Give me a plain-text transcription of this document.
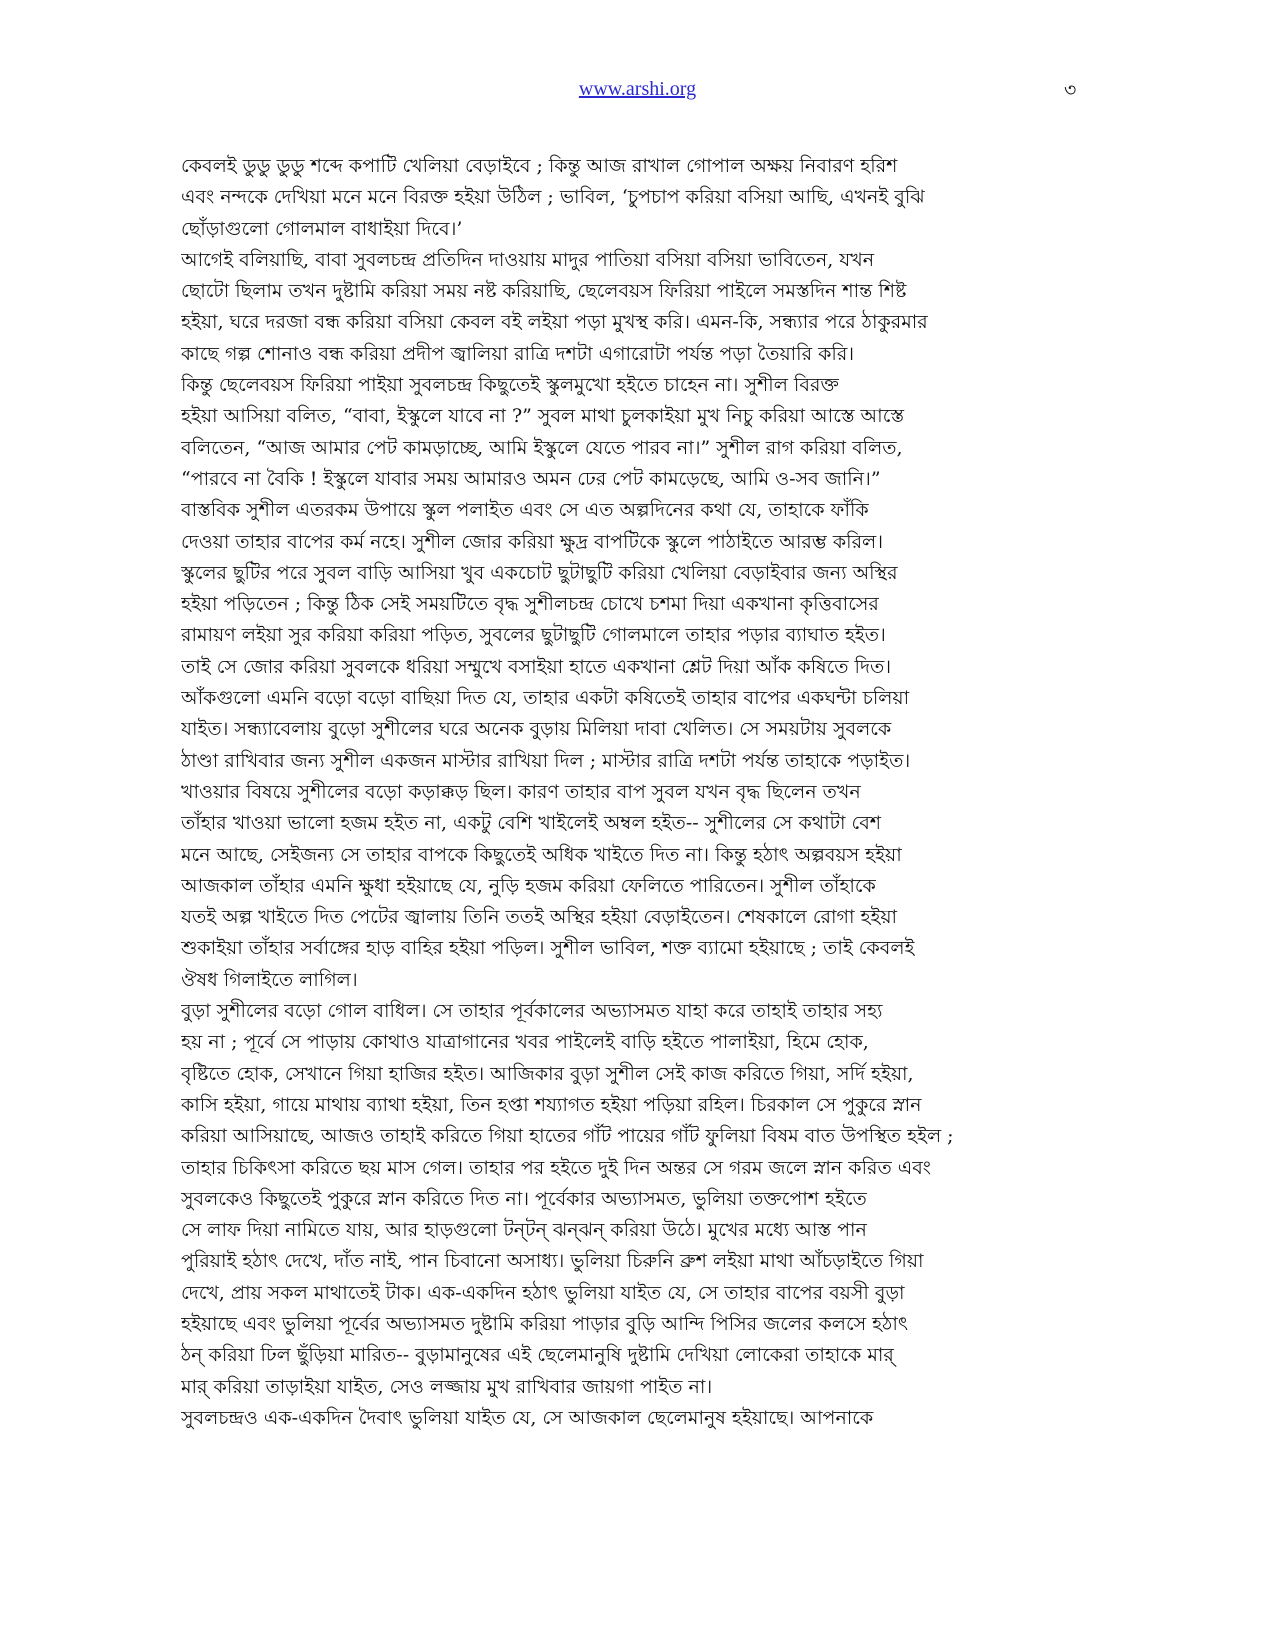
www.arshi.org	৩
কেবলই ডুডু ডুডু শব্দে কপাটি খেলিয়া বেড়াইবে ; কিন্তু আজ রাখাল গোপাল অক্ষয় নিবারণ হরিশ
এবং নন্দকে দেখিয়া মনে মনে বিরক্ত হইয়া উঠিল ; ভাবিল, ‘চুপচাপ করিয়া বসিয়া আছি, এখনই বুঝি
ছোঁড়াগুলো গোলমাল বাধাইয়া দিবে।’
আগেই বলিয়াছি, বাবা সুবলচন্দ্র প্রতিদিন দাওয়ায় মাদুর পাতিয়া বসিয়া বসিয়া ভাবিতেন, যখন
ছোটো ছিলাম তখন দুষ্টামি করিয়া সময় নষ্ট করিয়াছি, ছেলেবয়স ফিরিয়া পাইলে সমস্তদিন শান্ত শিষ্ট
হইয়া, ঘরে দরজা বন্ধ করিয়া বসিয়া কেবল বই লইয়া পড়া মুখস্থ করি। এমন-কি, সন্ধ্যার পরে ঠাকুরমার
কাছে গল্প শোনাও বন্ধ করিয়া প্রদীপ জ্বালিয়া রাত্রি দশটা এগারোটা পর্যন্ত পড়া তৈয়ারি করি।
কিন্তু ছেলেবয়স ফিরিয়া পাইয়া সুবলচন্দ্র কিছুতেই স্কুলমুখো হইতে চাহেন না। সুশীল বিরক্ত
হইয়া আসিয়া বলিত, “বাবা, ইস্কুলে যাবে না ?” সুবল মাথা চুলকাইয়া মুখ নিচু করিয়া আস্তে আস্তে
বলিতেন, “আজ আমার পেট কামড়াচ্ছে, আমি ইস্কুলে যেতে পারব না।” সুশীল রাগ করিয়া বলিত,
“পারবে না বৈকি ! ইস্কুলে যাবার সময় আমারও অমন ঢের পেট কামড়েছে, আমি ও-সব জানি।”
বাস্তবিক সুশীল এতরকম উপায়ে স্কুল পলাইত এবং সে এত অল্পদিনের কথা যে, তাহাকে ফাঁকি
দেওয়া তাহার বাপের কর্ম নহে। সুশীল জোর করিয়া ক্ষুদ্র বাপটিকে স্কুলে পাঠাইতে আরম্ভ করিল।
স্কুলের ছুটির পরে সুবল বাড়ি আসিয়া খুব একচোট ছুটাছুটি করিয়া খেলিয়া বেড়াইবার জন্য অস্থির
হইয়া পড়িতেন ; কিন্তু ঠিক সেই সময়টিতে বৃদ্ধ সুশীলচন্দ্র চোখে চশমা দিয়া একখানা কৃত্তিবাসের
রামায়ণ লইয়া সুর করিয়া করিয়া পড়িত, সুবলের ছুটাছুটি গোলমালে তাহার পড়ার ব্যাঘাত হইত।
তাই সে জোর করিয়া সুবলকে ধরিয়া সম্মুখে বসাইয়া হাতে একখানা শ্লেট দিয়া আঁক কষিতে দিত।
আঁকগুলো এমনি বড়ো বড়ো বাছিয়া দিত যে, তাহার একটা কষিতেই তাহার বাপের একঘন্টা চলিয়া
যাইত। সন্ধ্যাবেলায় বুড়ো সুশীলের ঘরে অনেক বুড়ায় মিলিয়া দাবা খেলিত। সে সময়টায় সুবলকে
ঠাণ্ডা রাখিবার জন্য সুশীল একজন মাস্টার রাখিয়া দিল ; মাস্টার রাত্রি দশটা পর্যন্ত তাহাকে পড়াইত।
খাওয়ার বিষয়ে সুশীলের বড়ো কড়াক্কড় ছিল। কারণ তাহার বাপ সুবল যখন বৃদ্ধ ছিলেন তখন
তাঁহার খাওয়া ভালো হজম হইত না, একটু বেশি খাইলেই অম্বল হইত-- সুশীলের সে কথাটা বেশ
মনে আছে, সেইজন্য সে তাহার বাপকে কিছুতেই অধিক খাইতে দিত না। কিন্তু হঠাৎ অল্পবয়স হইয়া
আজকাল তাঁহার এমনি ক্ষুধা হইয়াছে যে, নুড়ি হজম করিয়া ফেলিতে পারিতেন। সুশীল তাঁহাকে
যতই অল্প খাইতে দিত পেটের জ্বালায় তিনি ততই অস্থির হইয়া বেড়াইতেন। শেষকালে রোগা হইয়া
শুকাইয়া তাঁহার সর্বাঙ্গের হাড় বাহির হইয়া পড়িল। সুশীল ভাবিল, শক্ত ব্যামো হইয়াছে ; তাই কেবলই
ঔষধ গিলাইতে লাগিল।
বুড়া সুশীলের বড়ো গোল বাধিল। সে তাহার পূর্বকালের অভ্যাসমত যাহা করে তাহাই তাহার সহ্য
হয় না ; পূর্বে সে পাড়ায় কোথাও যাত্রাগানের খবর পাইলেই বাড়ি হইতে পালাইয়া, হিমে হোক,
বৃষ্টিতে হোক, সেখানে গিয়া হাজির হইত। আজিকার বুড়া সুশীল সেই কাজ করিতে গিয়া, সর্দি হইয়া,
কাসি হইয়া, গায়ে মাথায় ব্যাথা হইয়া, তিন হপ্তা শয্যাগত হইয়া পড়িয়া রহিল। চিরকাল সে পুকুরে স্নান
করিয়া আসিয়াছে, আজও তাহাই করিতে গিয়া হাতের গাঁট পায়ের গাঁট ফুলিয়া বিষম বাত উপস্থিত হইল ;
তাহার চিকিৎসা করিতে ছয় মাস গেল। তাহার পর হইতে দুই দিন অন্তর সে গরম জলে স্নান করিত এবং
সুবলকেও কিছুতেই পুকুরে স্নান করিতে দিত না। পূর্বেকার অভ্যাসমত, ভুলিয়া তক্তপোশ হইতে
সে লাফ দিয়া নামিতে যায়, আর হাড়গুলো টন্‌টন্ ঝন্‌ঝন্ করিয়া উঠে। মুখের মধ্যে আস্ত পান
পুরিয়াই হঠাৎ দেখে, দাঁত নাই, পান চিবানো অসাধ্য। ভুলিয়া চিরুনি ব্রুশ লইয়া মাথা আঁচড়াইতে গিয়া
দেখে, প্রায় সকল মাথাতেই টাক। এক-একদিন হঠাৎ ভুলিয়া যাইত যে, সে তাহার বাপের বয়সী বুড়া
হইয়াছে এবং ভুলিয়া পূর্বের অভ্যাসমত দুষ্টামি করিয়া পাড়ার বুড়ি আন্দি পিসির জলের কলসে হঠাৎ
ঠন্ করিয়া ঢিল ছুঁড়িয়া মারিত-- বুড়ামানুষের এই ছেলেমানুষি দুষ্টামি দেখিয়া লোকেরা তাহাকে মার্
মার্ করিয়া তাড়াইয়া যাইত, সেও লজ্জায় মুখ রাখিবার জায়গা পাইত না।
সুবলচন্দ্রও এক-একদিন দৈবাৎ ভুলিয়া যাইত যে, সে আজকাল ছেলেমানুষ হইয়াছে। আপনাকে
